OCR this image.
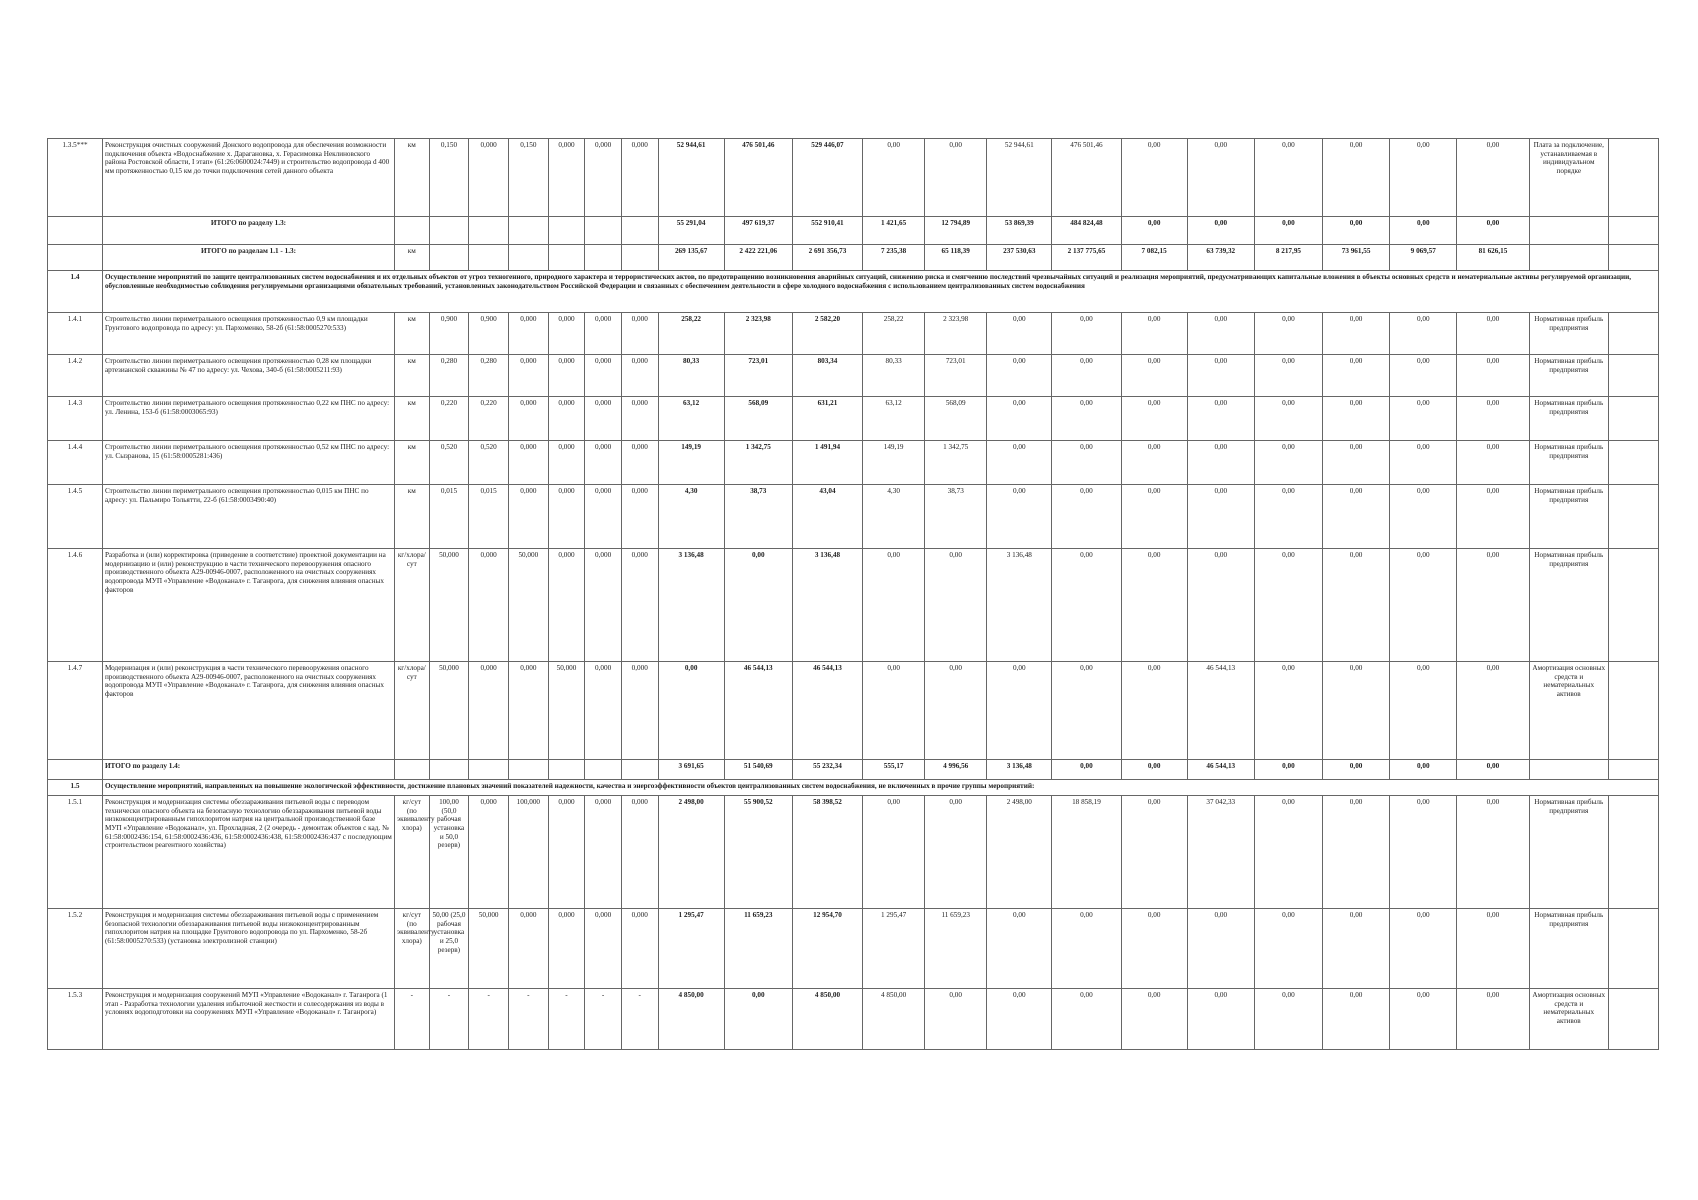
1.3.5***	Реконструкция очистных сооружений Донского водопровода для обеспечения возможности подключения объекта «Водоснабжение х. Дарагановка, х. Герасимовка Неклиновского района Ростовской области, I этап» (61:26:0600024:7449) и строительство водопровода d 400 мм протяженностью 0,15 км до точки подключения сетей данного объекта	км	0,150	0,000	0,150	0,000	0,000	0,000	52 944,61	476 501,46	529 446,07	0,00	0,00	52 944,61	476 501,46	0,00	0,00	0,00	0,00	0,00	0,00	Плата за подключение, устанавливаемая в индивидуальном порядке	
	ИТОГО по разделу 1.3:								55 291,04	497 619,37	552 910,41	1 421,65	12 794,89	53 869,39	484 824,48	0,00	0,00	0,00	0,00	0,00	0,00		
	ИТОГО по разделам 1.1 - 1.3:	км							269 135,67	2 422 221,06	2 691 356,73	7 235,38	65 118,39	237 530,63	2 137 775,65	7 082,15	63 739,32	8 217,95	73 961,55	9 069,57	81 626,15		
1.4	Осуществление мероприятий по защите централизованных систем водоснабжения и их отдельных объектов от угроз техногенного, природного характера и террористических актов, по предотвращению возникновения аварийных ситуаций, снижению риска и смягчению последствий чрезвычайных ситуаций и реализация мероприятий, предусматривающих капитальные вложения в объекты основных средств и нематериальные активы регулируемой организации, обусловленные необходимостью соблюдения регулируемыми организациями обязательных требований, установленных законодательством Российской Федерации и связанных с обеспечением деятельности в сфере холодного водоснабжения с использованием централизованных систем водоснабжения																						
1.4.1	Строительство линии периметрального освещения протяженностью 0,9 км площадки Грунтового водопровода по адресу: ул. Пархоменко, 58-2б (61:58:0005270:533)	км	0,900	0,900	0,000	0,000	0,000	0,000	258,22	2 323,98	2 582,20	258,22	2 323,98	0,00	0,00	0,00	0,00	0,00	0,00	0,00	0,00	Нормативная прибыль предприятия	
1.4.2	Строительство линии периметрального освещения протяженностью 0,28 км площадки артезианской скважины № 47 по адресу: ул. Чехова, 340-б (61:58:0005211:93)	км	0,280	0,280	0,000	0,000	0,000	0,000	80,33	723,01	803,34	80,33	723,01	0,00	0,00	0,00	0,00	0,00	0,00	0,00	0,00	Нормативная прибыль предприятия	
1.4.3	Строительство линии периметрального освещения протяженностью 0,22 км ПНС по адресу: ул. Ленина, 153-б (61:58:0003065:93)	км	0,220	0,220	0,000	0,000	0,000	0,000	63,12	568,09	631,21	63,12	568,09	0,00	0,00	0,00	0,00	0,00	0,00	0,00	0,00	Нормативная прибыль предприятия	
1.4.4	Строительство линии периметрального освещения протяженностью 0,52 км ПНС по адресу: ул. Сызранова, 15 (61:58:0005281:436)	км	0,520	0,520	0,000	0,000	0,000	0,000	149,19	1 342,75	1 491,94	149,19	1 342,75	0,00	0,00	0,00	0,00	0,00	0,00	0,00	0,00	Нормативная прибыль предприятия	
1.4.5	Строительство линии периметрального освещения протяженностью 0,015 км ПНС по адресу: ул. Пальмиро Тольятти, 22-б (61:58:0003490:40)	км	0,015	0,015	0,000	0,000	0,000	0,000	4,30	38,73	43,04	4,30	38,73	0,00	0,00	0,00	0,00	0,00	0,00	0,00	0,00	Нормативная прибыль предприятия	
1.4.6	Разработка и (или) корректировка (приведение в соответствие) проектной документации на модернизацию и (или) реконструкцию в части технического перевооружения опасного производственного объекта А29-00946-0007, расположенного на очистных сооружениях водопровода МУП «Управление «Водоканал» г. Таганрога, для снижения влияния опасных факторов	кг/хлора/сут	50,000	0,000	50,000	0,000	0,000	0,000	3 136,48	0,00	3 136,48	0,00	0,00	3 136,48	0,00	0,00	0,00	0,00	0,00	0,00	0,00	Нормативная прибыль предприятия	
1.4.7	Модернизация и (или) реконструкция в части технического перевооружения опасного производственного объекта А29-00946-0007, расположенного на очистных сооружениях водопровода МУП «Управление «Водоканал» г. Таганрога, для снижения влияния опасных факторов	кг/хлора/сут	50,000	0,000	0,000	50,000	0,000	0,000	0,00	46 544,13	46 544,13	0,00	0,00	0,00	0,00	0,00	46 544,13	0,00	0,00	0,00	0,00	Амортизация основных средств и нематериальных активов	
	ИТОГО по разделу 1.4:								3 691,65	51 540,69	55 232,34	555,17	4 996,56	3 136,48	0,00	0,00	46 544,13	0,00	0,00	0,00	0,00		
1.5	Осуществление мероприятий, направленных на повышение экологической эффективности, достижение плановых значений показателей надежности, качества и энергоэффективности объектов централизованных систем водоснабжения, не включенных в прочие группы мероприятий:																						
1.5.1	Реконструкция и модернизация системы обеззараживания питьевой воды с переводом технически опасного объекта на безопасную технологию обеззараживания питьевой воды низкоконцентрированным гипохлоритом натрия на центральной производственной базе МУП «Управление «Водоканал», ул. Прохладная, 2 (2 очередь - демонтаж объектов с кад. № 61:58:0002436:154, 61:58:0002436:436, 61:58:0002436:438, 61:58:0002436:437 с последующим строительством реагентного хозяйства)	кг/сут (по эквиваленту хлора)	100,00 (50,0 рабочая установка и 50,0 резерв)	0,000	100,000	0,000	0,000	0,000	2 498,00	55 900,52	58 398,52	0,00	0,00	2 498,00	18 858,19	0,00	37 042,33	0,00	0,00	0,00	0,00	Нормативная прибыль предприятия	
1.5.2	Реконструкция и модернизация системы обеззараживания питьевой воды с применением безопасной технологии обеззараживания питьевой воды низкоконцентрированным гипохлоритом натрия на площадке Грунтового водопровода по ул. Пархоменко, 58-2б (61:58:0005270:533) (установка электролизной станции)	кг/сут (по эквиваленту хлора)	50,00 (25,0 рабочая установка и 25,0 резерв)	50,000	0,000	0,000	0,000	0,000	1 295,47	11 659,23	12 954,70	1 295,47	11 659,23	0,00	0,00	0,00	0,00	0,00	0,00	0,00	0,00	Нормативная прибыль предприятия	
1.5.3	Реконструкция и модернизация сооружений МУП «Управление «Водоканал» г. Таганрога (1 этап - Разработка технологии удаления избыточной жесткости и солесодержания из воды в условиях водоподготовки на сооружениях МУП «Управление «Водоканал» г. Таганрога)	-	-	-	-	-	-	-	4 850,00	0,00	4 850,00	4 850,00	0,00	0,00	0,00	0,00	0,00	0,00	0,00	0,00	0,00	Амортизация основных средств и нематериальных активов	
